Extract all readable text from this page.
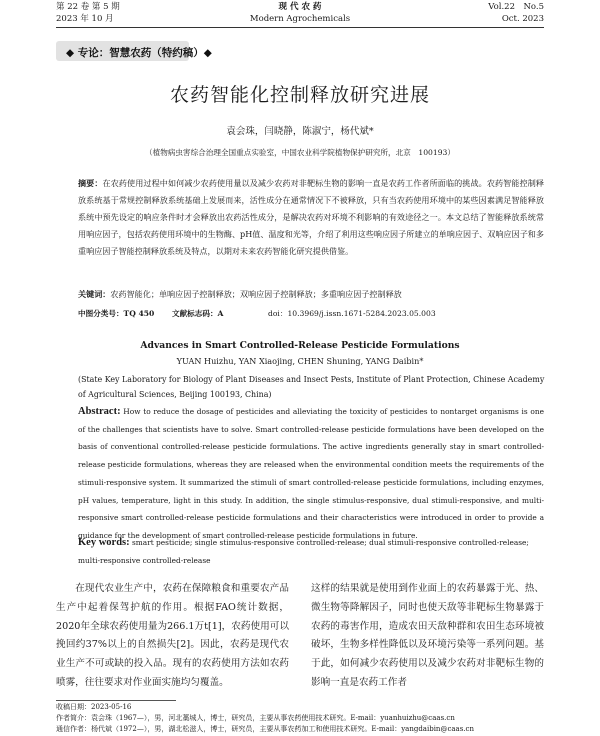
第 22 卷 第 5 期
2023 年 10 月
现 代 农 药
Modern Agrochemicals
Vol.22　No.5
Oct. 2023
◆ 专论：智慧农药（特约稿）◆
农药智能化控制释放研究进展
袁会珠，闫晓静，陈淑宁，杨代斌*
（植物病虫害综合治理全国重点实验室，中国农业科学院植物保护研究所，北京　100193）
摘要：在农药使用过程中如何减少农药使用量以及减少农药对非靶标生物的影响一直是农药工作者所面临的挑战。农药智能控制释放系统基于常规控制释放系统基础上发展而来，活性成分在通常情况下不被释放，只有当农药使用环境中的某些因素满足智能释放系统中预先设定的响应条件时才会释放出农药活性成分，是解决农药对环境不利影响的有效途径之一。本文总结了智能释放系统常用响应因子，包括农药使用环境中的生物酶、pH值、温度和光等，介绍了利用这些响应因子所建立的单响应因子、双响应因子和多重响应因子智能控制释放系统及特点，以期对未来农药智能化研究提供借鉴。
关键词：农药智能化；单响应因子控制释放；双响应因子控制释放；多重响应因子控制释放
中图分类号：TQ 450 文献标志码：A	doi：10.3969/j.issn.1671-5284.2023.05.003
Advances in Smart Controlled-Release Pesticide Formulations
YUAN Huizhu, YAN Xiaojing, CHEN Shuning, YANG Daibin*
(State Key Laboratory for Biology of Plant Diseases and Insect Pests, Institute of Plant Protection, Chinese Academy of Agricultural Sciences, Beijing 100193, China)
Abstract: How to reduce the dosage of pesticides and alleviating the toxicity of pesticides to nontarget organisms is one of the challenges that scientists have to solve. Smart controlled-release pesticide formulations have been developed on the basis of conventional controlled-release pesticide formulations. The active ingredients generally stay in smart controlled-release pesticide formulations, whereas they are released when the environmental condition meets the requirements of the stimuli-responsive system. It summarized the stimuli of smart controlled-release pesticide formulations, including enzymes, pH values, temperature, light in this study. In addition, the single stimulus-responsive, dual stimuli-responsive, and multi-responsive smart controlled-release pesticide formulations and their characteristics were introduced in order to provide a guidance for the development of smart controlled-release pesticide formulations in future.
Key words: smart pesticide; single stimulus-responsive controlled-release; dual stimuli-responsive controlled-release; multi-responsive controlled-release
在现代农业生产中，农药在保障粮食和重要农产品生产中起着保驾护航的作用。根据FAO统计数据，2020年全球农药使用量为266.1万t[1]，农药使用可以挽回约37%以上的自然损失[2]。因此，农药是现代农业生产不可或缺的投入品。现有的农药使用方法如农药喷雾，往往要求对作业面实施均匀覆盖。
这样的结果就是使用到作业面上的农药暴露于光、热、微生物等降解因子，同时也使天敌等非靶标生物暴露于农药的毒害作用，造成农田天敌种群和农田生态环境被破坏，生物多样性降低以及环境污染等一系列问题。基于此，如何减少农药使用以及减少农药对非靶标生物的影响一直是农药工作者
收稿日期：2023-05-16
作者简介：袁会珠（1967—），男，河北藁城人，博士，研究员，主要从事农药使用技术研究。E-mail：yuanhuizhu@caas.cn
通信作者：杨代斌（1972—），男，湖北松滋人，博士，研究员，主要从事农药加工和使用技术研究。E-mail：yangdaibin@caas.cn
